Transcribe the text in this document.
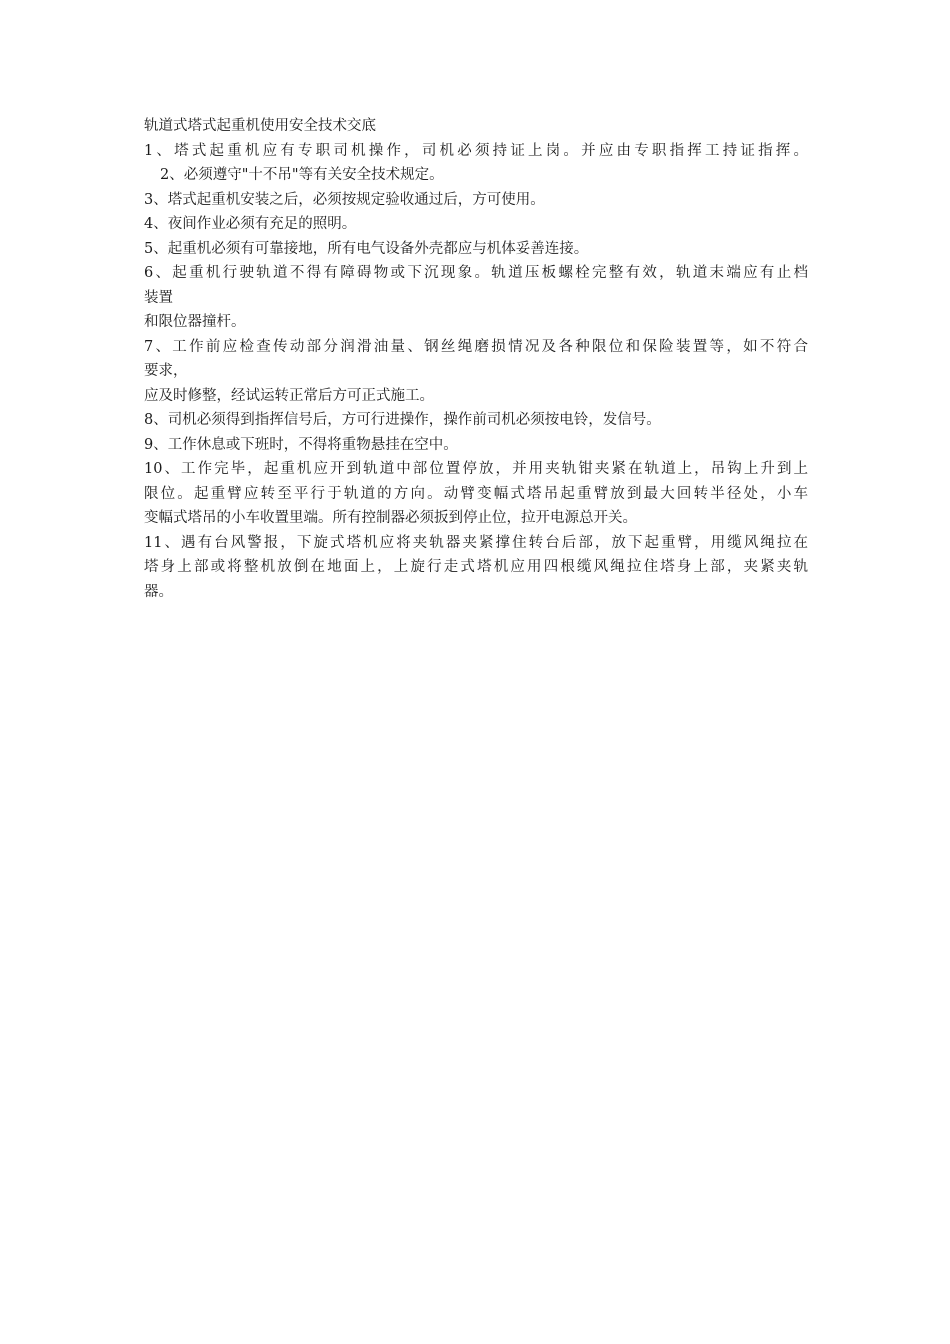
轨道式塔式起重机使用安全技术交底
1、塔式起重机应有专职司机操作，司机必须持证上岗。并应由专职指挥工持证指挥。
2、必须遵守"十不吊"等有关安全技术规定。
3、塔式起重机安装之后，必须按规定验收通过后，方可使用。
4、夜间作业必须有充足的照明。
5、起重机必须有可靠接地，所有电气设备外壳都应与机体妥善连接。
6、起重机行驶轨道不得有障碍物或下沉现象。轨道压板螺栓完整有效，轨道末端应有止档
装置
和限位器撞杆。
7、工作前应检查传动部分润滑油量、钢丝绳磨损情况及各种限位和保险装置等，如不符合
要求，
应及时修整，经试运转正常后方可正式施工。
8、司机必须得到指挥信号后，方可行进操作，操作前司机必须按电铃，发信号。
9、工作休息或下班时，不得将重物悬挂在空中。
10、工作完毕，起重机应开到轨道中部位置停放，并用夹轨钳夹紧在轨道上，吊钩上升到上
限位。起重臂应转至平行于轨道的方向。动臂变幅式塔吊起重臂放到最大回转半径处，小车
变幅式塔吊的小车收置里端。所有控制器必须扳到停止位，拉开电源总开关。
11、遇有台风警报，下旋式塔机应将夹轨器夹紧撑住转台后部，放下起重臂，用缆风绳拉在
塔身上部或将整机放倒在地面上，上旋行走式塔机应用四根缆风绳拉住塔身上部，夹紧夹轨
器。
